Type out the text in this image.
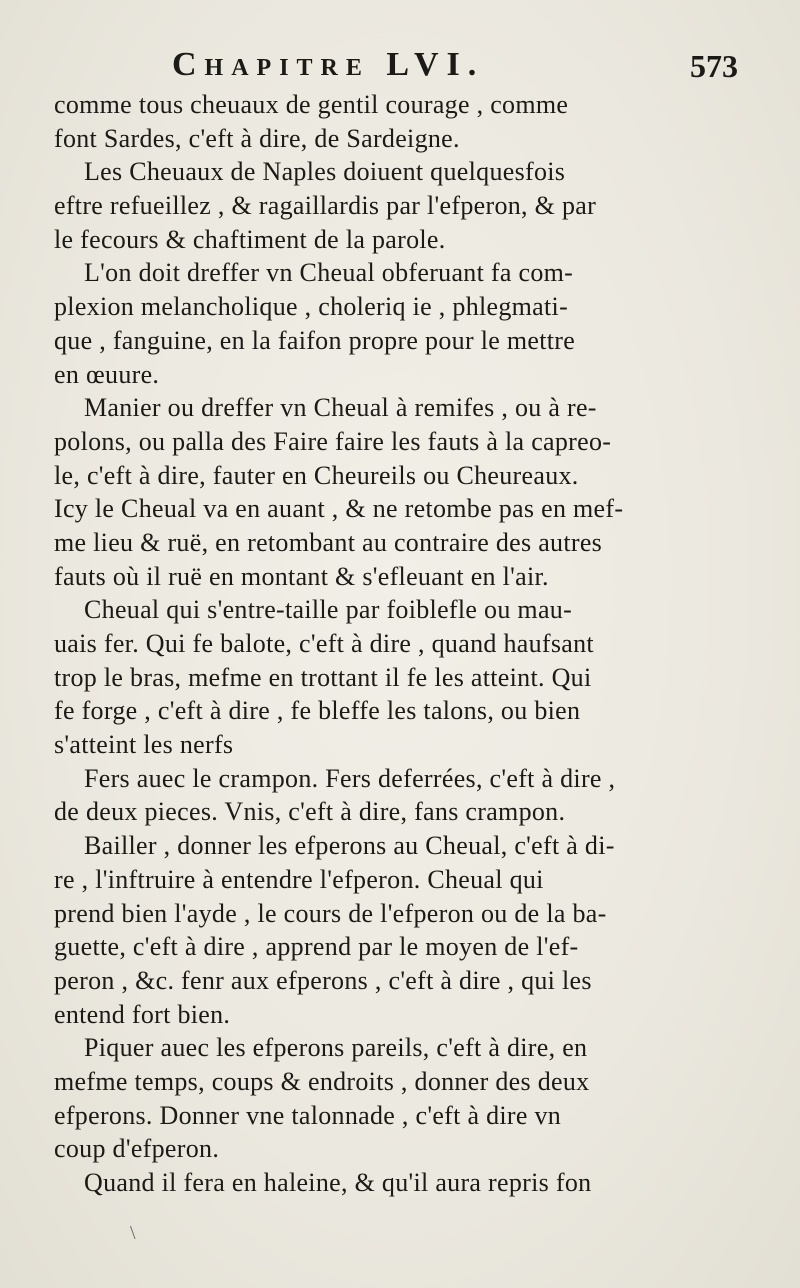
Chapitre LVI.	573
comme tous cheuaux de gentil courage , comme
font Sardes, c'eft à dire, de Sardeigne.
Les Cheuaux de Naples doiuent quelquesfois
eftre refueillez , & ragaillardis par l'efperon, & par
le fecours & chaftiment de la parole.
L'on doit dreffer vn Cheual obferuant fa com-
plexion melancholique , choleriq ie , phlegmati-
que , fanguine, en la faifon propre pour le mettre
en œuure.
Manier ou dreffer vn Cheual à remifes , ou à re-
polons, ou palla des Faire faire les fauts à la capreo-
le, c'eft à dire, fauter en Cheureils ou Cheureaux.
Icy le Cheual va en auant , & ne retombe pas en mef-
me lieu & ruë, en retombant au contraire des autres
fauts où il ruë en montant & s'efleuant en l'air.
Cheual qui s'entre-taille par foiblefle ou mau-
uais fer. Qui fe balote, c'eft à dire , quand haufsant
trop le bras, mefme en trottant il fe les atteint. Qui
fe forge , c'eft à dire , fe bleffe les talons, ou bien
s'atteint les nerfs
Fers auec le crampon. Fers deferrées, c'eft à dire ,
de deux pieces. Vnis, c'eft à dire, fans crampon.
Bailler , donner les efperons au Cheual, c'eft à di-
re , l'inftruire à entendre l'efperon. Cheual qui
prend bien l'ayde , le cours de l'efperon ou de la ba-
guette, c'eft à dire , apprend par le moyen de l'ef-
peron , &c. fenr aux efperons , c'eft à dire , qui les
entend fort bien.
Piquer auec les efperons pareils, c'eft à dire, en
mefme temps, coups & endroits , donner des deux
efperons. Donner vne talonnade , c'eft à dire vn
coup d'efperon.
Quand il fera en haleine, & qu'il aura repris fon
\
